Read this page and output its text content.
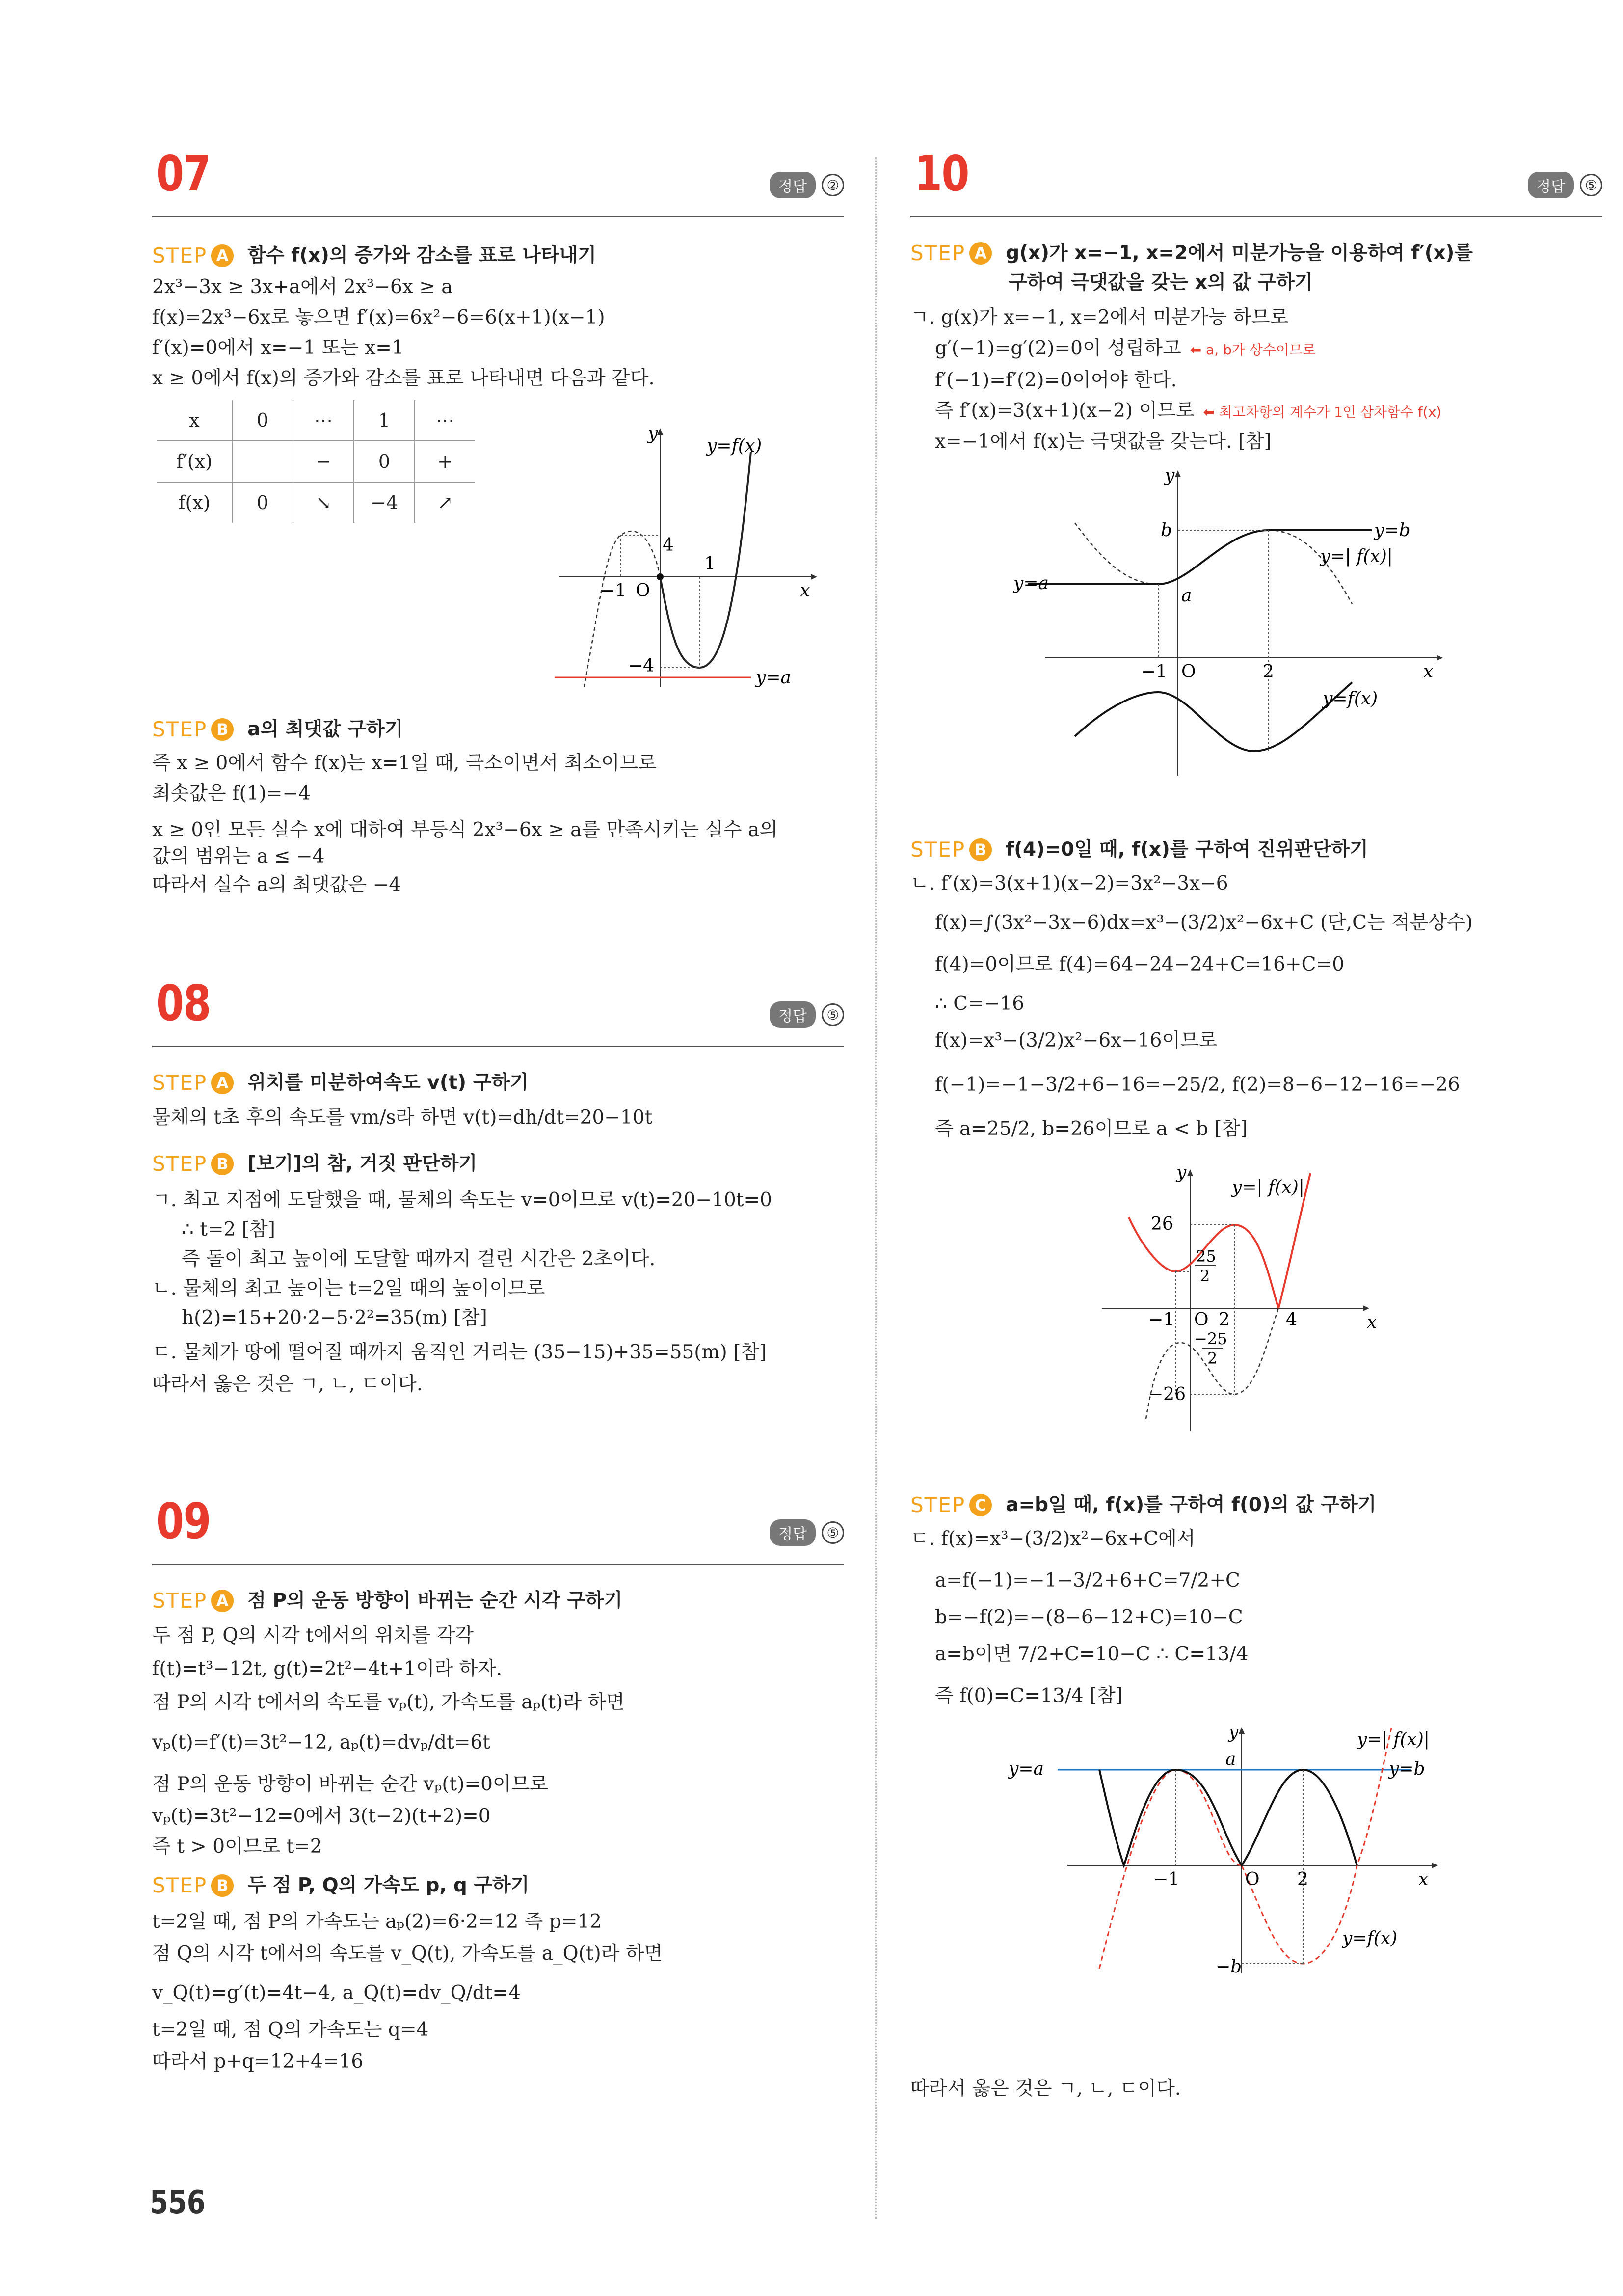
07	정답	②
STEP A 함수 f(x)의 증가와 감소를 표로 나타내기
2x³−3x ≥ 3x+a에서 2x³−6x ≥ a
f(x)=2x³−6x로 놓으면 f′(x)=6x²−6=6(x+1)(x−1)
f′(x)=0에서 x=−1 또는 x=1
x ≥ 0에서 f(x)의 증가와 감소를 표로 나타내면 다음과 같다.
x	0	⋯	1	⋯
f′(x)		−	0	+
f(x)	0	↘	−4	↗
y
x
4
−1 O
1
−4
y=f(x)
y=a
STEP B a의 최댓값 구하기
즉 x ≥ 0에서 함수 f(x)는 x=1일 때, 극소이면서 최소이므로
최솟값은 f(1)=−4
x ≥ 0인 모든 실수 x에 대하여 부등식 2x³−6x ≥ a를 만족시키는 실수 a의
값의 범위는 a ≤ −4
따라서 실수 a의 최댓값은 −4
08	정답	⑤
STEP A 위치를 미분하여속도 v(t) 구하기
물체의 t초 후의 속도를 vm/s라 하면 v(t)=dh/dt=20−10t
STEP B [보기]의 참, 거짓 판단하기
ㄱ. 최고 지점에 도달했을 때, 물체의 속도는 v=0이므로 v(t)=20−10t=0
∴ t=2 [참]
즉 돌이 최고 높이에 도달할 때까지 걸린 시간은 2초이다.
ㄴ. 물체의 최고 높이는 t=2일 때의 높이이므로
h(2)=15+20·2−5·2²=35(m) [참]
ㄷ. 물체가 땅에 떨어질 때까지 움직인 거리는 (35−15)+35=55(m) [참]
따라서 옳은 것은 ㄱ, ㄴ, ㄷ이다.
09	정답	⑤
STEP A 점 P의 운동 방향이 바뀌는 순간 시각 구하기
두 점 P, Q의 시각 t에서의 위치를 각각
f(t)=t³−12t, g(t)=2t²−4t+1이라 하자.
점 P의 시각 t에서의 속도를 vₚ(t), 가속도를 aₚ(t)라 하면
vₚ(t)=f′(t)=3t²−12, aₚ(t)=dvₚ/dt=6t
점 P의 운동 방향이 바뀌는 순간 vₚ(t)=0이므로
vₚ(t)=3t²−12=0에서 3(t−2)(t+2)=0
즉 t > 0이므로 t=2
STEP B 두 점 P, Q의 가속도 p, q 구하기
t=2일 때, 점 P의 가속도는 aₚ(2)=6·2=12 즉 p=12
점 Q의 시각 t에서의 속도를 v_Q(t), 가속도를 a_Q(t)라 하면
v_Q(t)=g′(t)=4t−4, a_Q(t)=dv_Q/dt=4
t=2일 때, 점 Q의 가속도는 q=4
따라서 p+q=12+4=16
10	정답	⑤
STEP A g(x)가 x=−1, x=2에서 미분가능을 이용하여 f′(x)를
구하여 극댓값을 갖는 x의 값 구하기
ㄱ. g(x)가 x=−1, x=2에서 미분가능 하므로
g′(−1)=g′(2)=0이 성립하고 ⬅ a, b가 상수이므로
f′(−1)=f′(2)=0이어야 한다.
즉 f′(x)=3(x+1)(x−2) 이므로 ⬅ 최고차항의 계수가 1인 삼차함수 f(x)
x=−1에서 f(x)는 극댓값을 갖는다. [참]
y
x
b
a
−1 O	2
y=b
y=a
y=| f(x)|
y=f(x)
STEP B f(4)=0일 때, f(x)를 구하여 진위판단하기
ㄴ. f′(x)=3(x+1)(x−2)=3x²−3x−6
f(x)=∫(3x²−3x−6)dx=x³−(3/2)x²−6x+C (단,C는 적분상수)
f(4)=0이므로 f(4)=64−24−24+C=16+C=0
∴ C=−16
f(x)=x³−(3/2)x²−6x−16이므로
f(−1)=−1−3/2+6−16=−25/2, f(2)=8−6−12−16=−26
즉 a=25/2, b=26이므로 a < b [참]
y
x
26
25
2
−1 O 2	4
−25
2
−26
y=| f(x)|
STEP C a=b일 때, f(x)를 구하여 f(0)의 값 구하기
ㄷ. f(x)=x³−(3/2)x²−6x+C에서
a=f(−1)=−1−3/2+6+C=7/2+C
b=−f(2)=−(8−6−12+C)=10−C
a=b이면 7/2+C=10−C ∴ C=13/4
즉 f(0)=C=13/4 [참]
y
x
a
−1	O 2
−b
y=a	y=b
y=| f(x)|
y=f(x)
따라서 옳은 것은 ㄱ, ㄴ, ㄷ이다.
556
